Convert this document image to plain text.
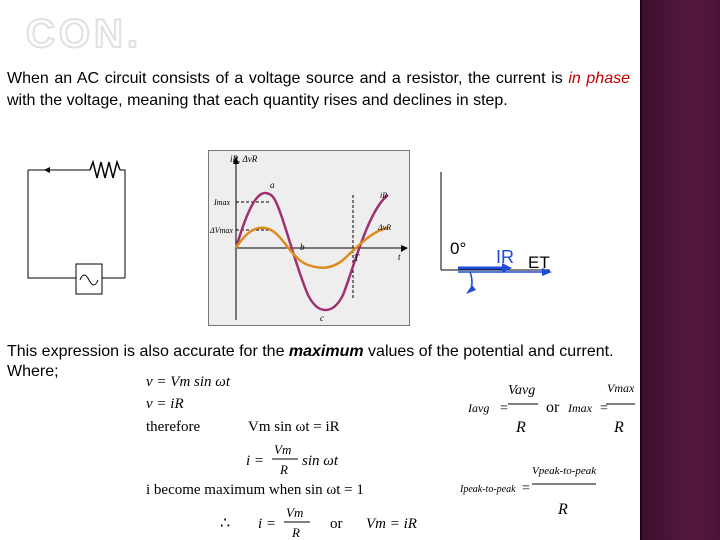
CON.
When an AC circuit consists of a voltage source and a resistor, the current is in phase with the voltage, meaning that each quantity rises and declines in step.
iR, ΔvR
Imax
ΔVmax
iR
ΔvR
a
b
c
T	t	0° IR ET
This expression is also accurate for the maximum values of the potential and current. Where;
v = Vm sin ωt
v = iR
therefore	Vm sin ωt = iR
i =
Vm
R
sin ωt
i become maximum when sin ωt = 1
∴ i =
Vm
R
or Vm = iR
Iavg =
Vavg
R
or Imax =
Vmax
R
Ipeak-to-peak =
Vpeak-to-peak
R
